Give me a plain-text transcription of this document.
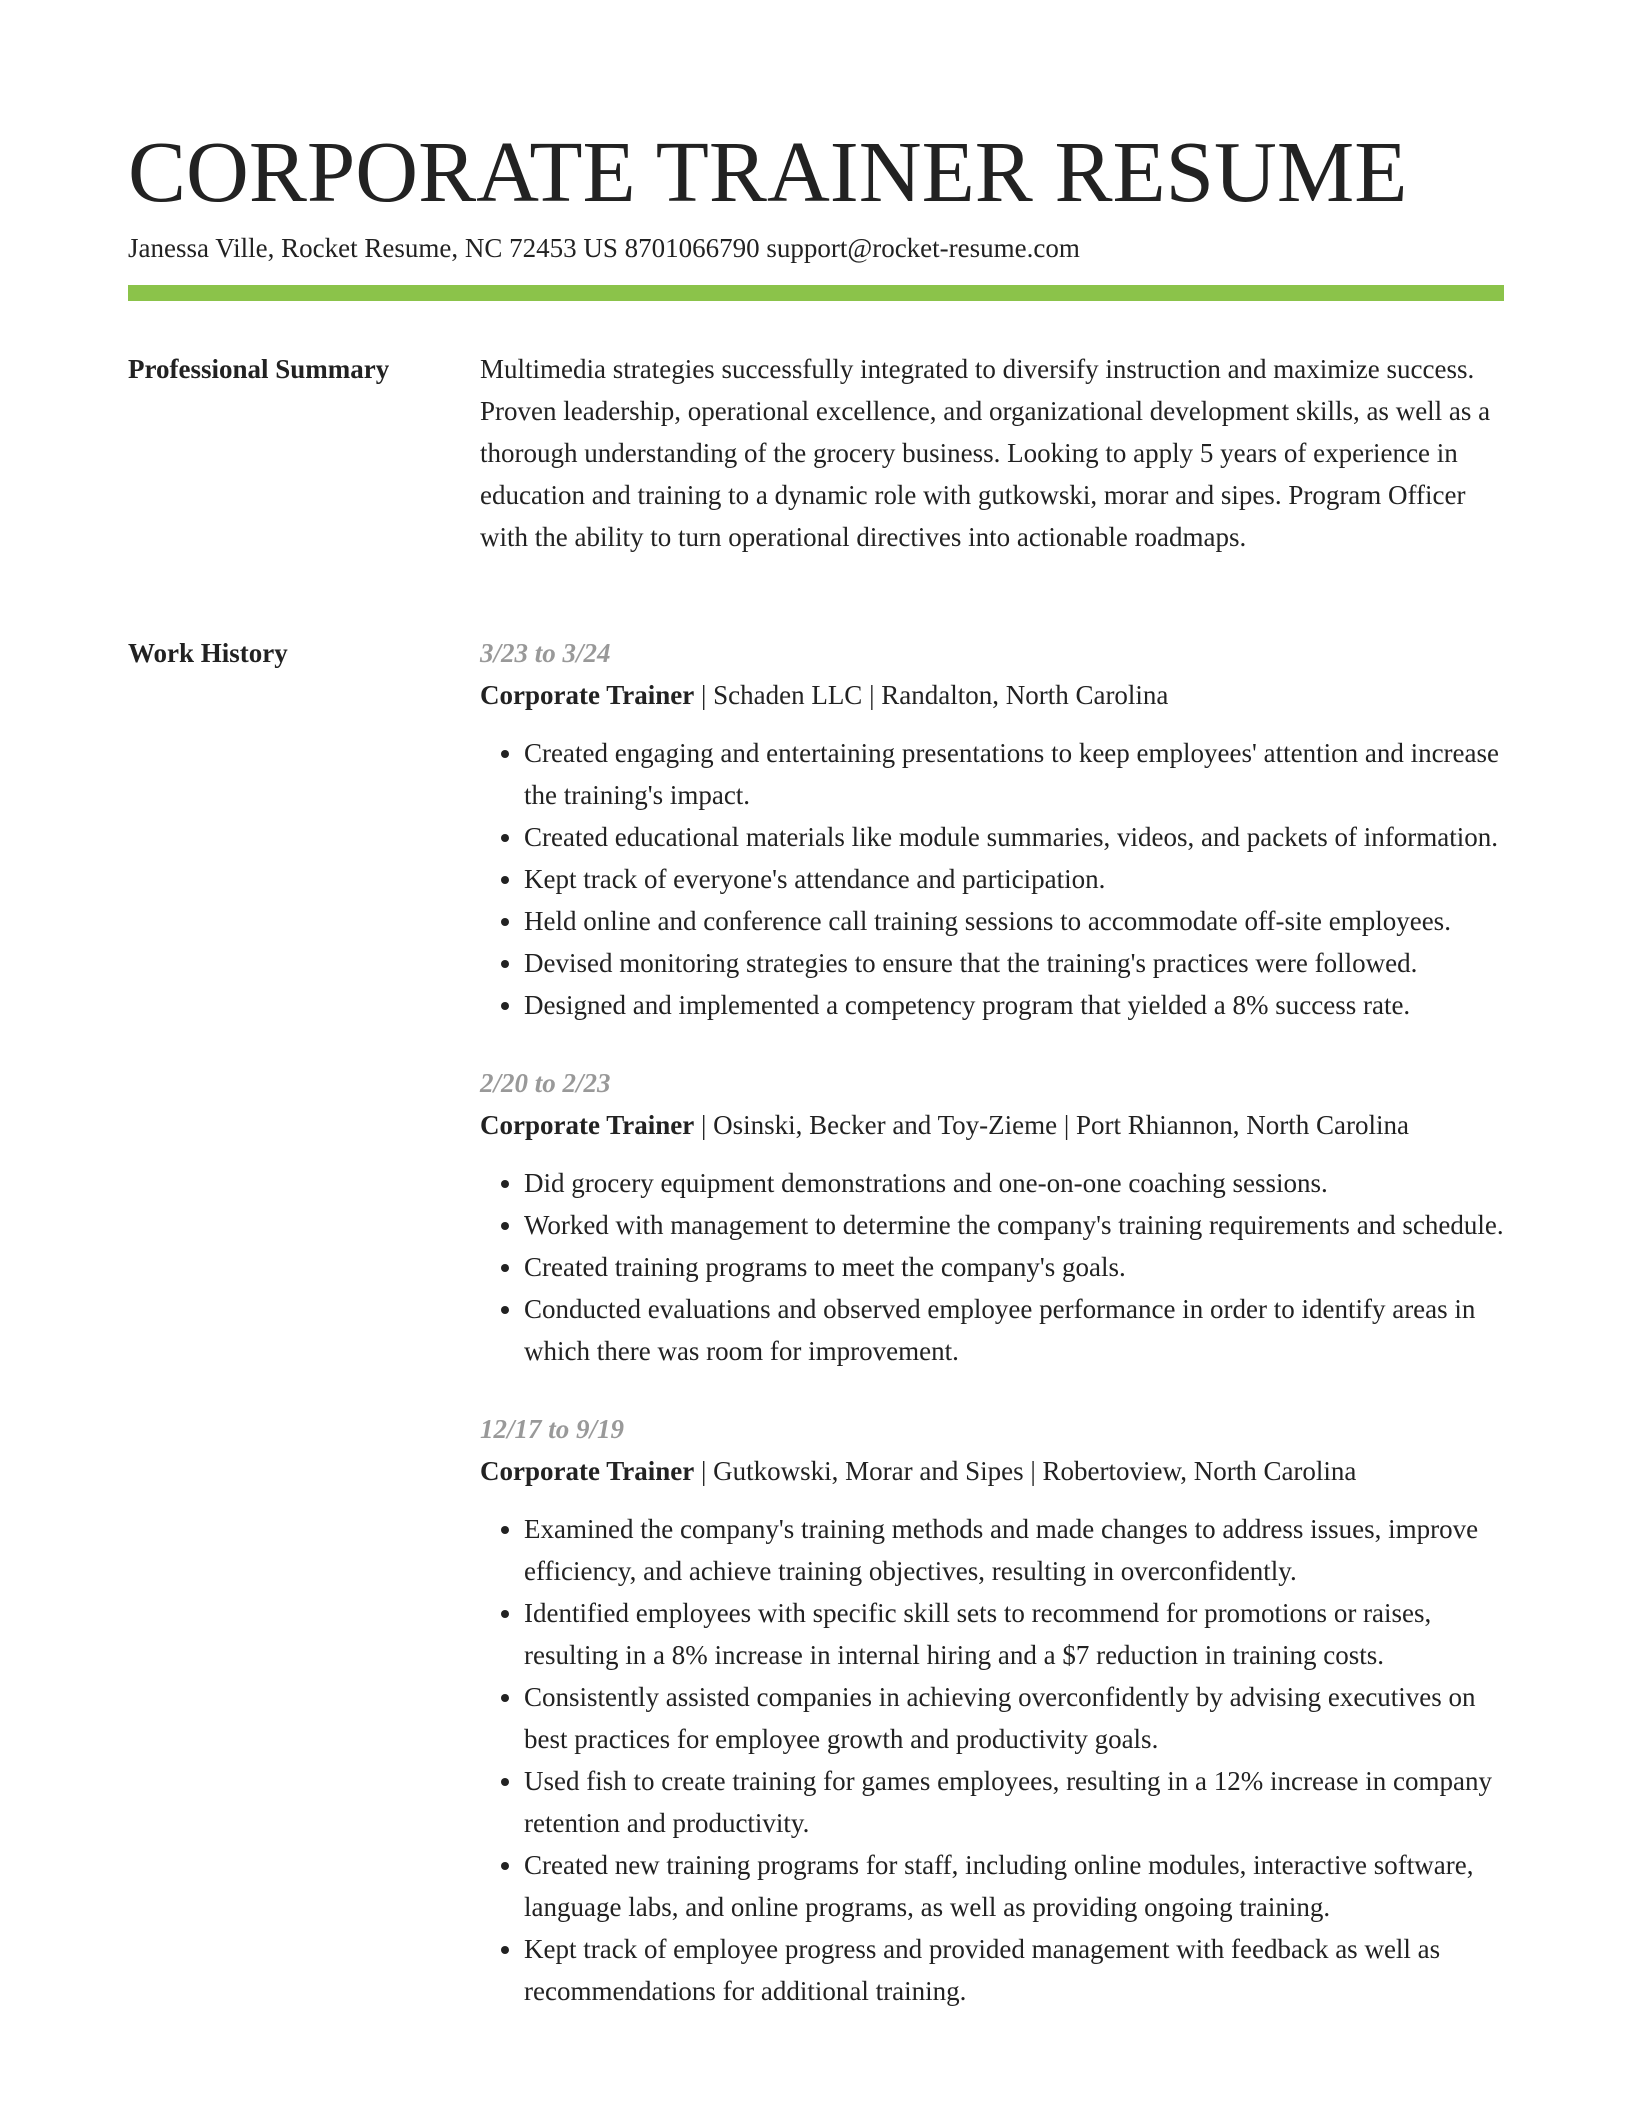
CORPORATE TRAINER RESUME
Janessa Ville, Rocket Resume, NC 72453 US 8701066790 support@rocket-resume.com
Professional Summary	Multimedia strategies successfully integrated to diversify instruction and maximize success. Proven leadership, operational excellence, and organizational development skills, as well as a thorough understanding of the grocery business. Looking to apply 5 years of experience in education and training to a dynamic role with gutkowski, morar and sipes. Program Officer with the ability to turn operational directives into actionable roadmaps.

Work History	3/23 to 3/24
Corporate Trainer | Schaden LLC | Randalton, North Carolina
• Created engaging and entertaining presentations to keep employees' attention and increase the training's impact.
• Created educational materials like module summaries, videos, and packets of information.
• Kept track of everyone's attendance and participation.
• Held online and conference call training sessions to accommodate off-site employees.
• Devised monitoring strategies to ensure that the training's practices were followed.
• Designed and implemented a competency program that yielded a 8% success rate.
2/20 to 2/23
Corporate Trainer | Osinski, Becker and Toy-Zieme | Port Rhiannon, North Carolina
• Did grocery equipment demonstrations and one-on-one coaching sessions.
• Worked with management to determine the company's training requirements and schedule.
• Created training programs to meet the company's goals.
• Conducted evaluations and observed employee performance in order to identify areas in which there was room for improvement.
12/17 to 9/19
Corporate Trainer | Gutkowski, Morar and Sipes | Robertoview, North Carolina
• Examined the company's training methods and made changes to address issues, improve efficiency, and achieve training objectives, resulting in overconfidently.
• Identified employees with specific skill sets to recommend for promotions or raises, resulting in a 8% increase in internal hiring and a $7 reduction in training costs.
• Consistently assisted companies in achieving overconfidently by advising executives on best practices for employee growth and productivity goals.
• Used fish to create training for games employees, resulting in a 12% increase in company retention and productivity.
• Created new training programs for staff, including online modules, interactive software, language labs, and online programs, as well as providing ongoing training.
• Kept track of employee progress and provided management with feedback as well as recommendations for additional training.
